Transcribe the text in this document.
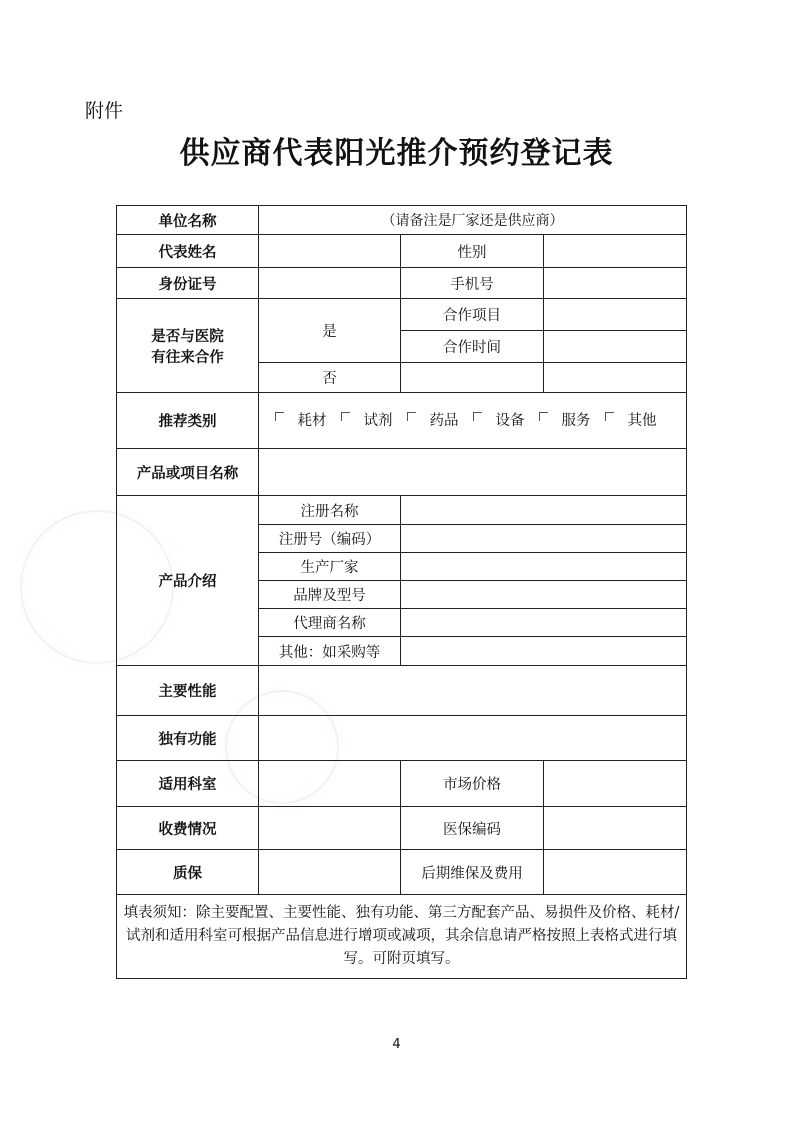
附件
供应商代表阳光推介预约登记表
单位名称	（请备注是厂家还是供应商）		
代表姓名		性别	
身份证号		手机号	

是否与医院
有往来合作	是	合作项目	
		合作时间	
	否		
推荐类别	耗材 试剂 药品 设备 服务 其他		
产品或项目名称			
产品介绍	注册名称		
	注册号（编码）		
	生产厂家		
	品牌及型号		
	代理商名称		
	其他：如采购等		
主要性能			
独有功能			
适用科室		市场价格	
收费情况		医保编码	
质保		后期维保及费用	
填表须知：除主要配置、主要性能、独有功能、第三方配套产品、易损件及价格、耗材/试剂和适用科室可根据产品信息进行增项或减项，其余信息请严格按照上表格式进行填写。可附页填写。			
4
